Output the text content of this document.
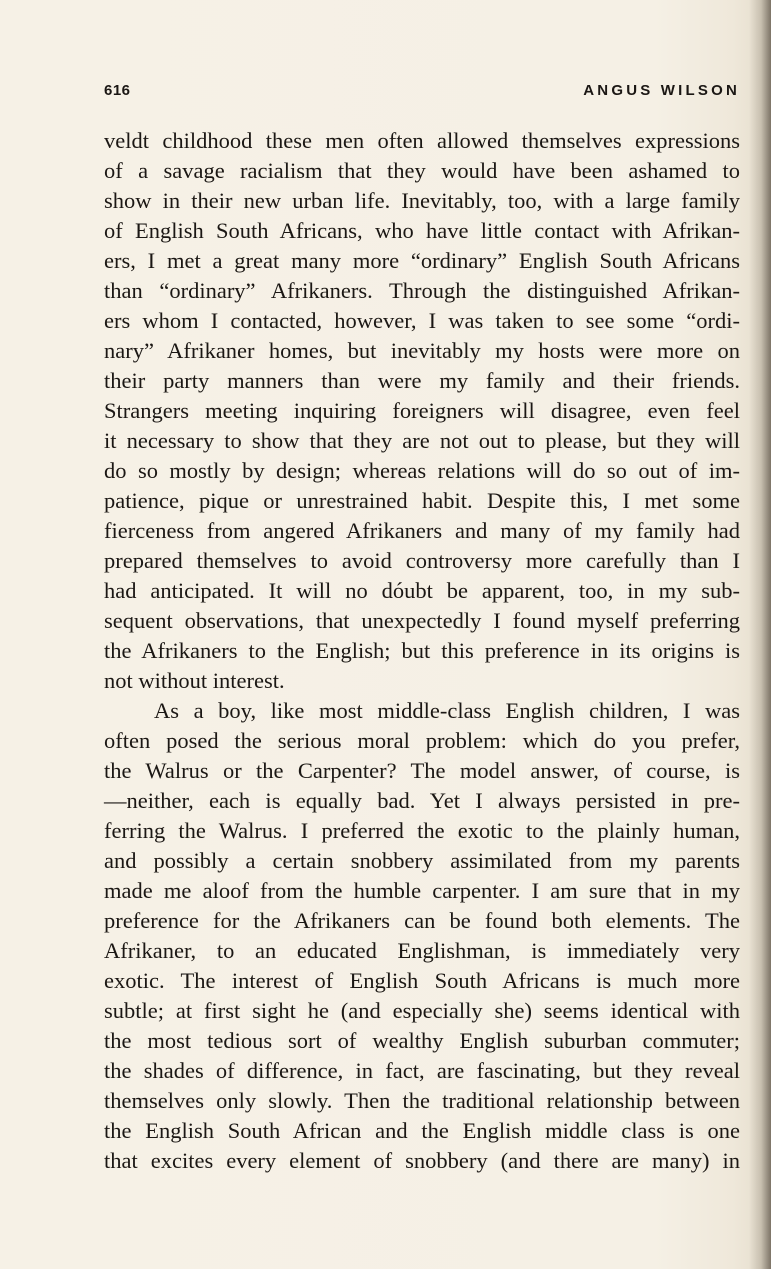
616	ANGUS WILSON
veldt childhood these men often allowed themselves expressions
of a savage racialism that they would have been ashamed to
show in their new urban life. Inevitably, too, with a large family
of English South Africans, who have little contact with Afrikan-
ers, I met a great many more “ordinary” English South Africans
than “ordinary” Afrikaners. Through the distinguished Afrikan-
ers whom I contacted, however, I was taken to see some “ordi-
nary” Afrikaner homes, but inevitably my hosts were more on
their party manners than were my family and their friends.
Strangers meeting inquiring foreigners will disagree, even feel
it necessary to show that they are not out to please, but they will
do so mostly by design; whereas relations will do so out of im-
patience, pique or unrestrained habit. Despite this, I met some
fierceness from angered Afrikaners and many of my family had
prepared themselves to avoid controversy more carefully than I
had anticipated. It will no dóubt be apparent, too, in my sub-
sequent observations, that unexpectedly I found myself preferring
the Afrikaners to the English; but this preference in its origins is
not without interest.
As a boy, like most middle-class English children, I was
often posed the serious moral problem: which do you prefer,
the Walrus or the Carpenter? The model answer, of course, is
—neither, each is equally bad. Yet I always persisted in pre-
ferring the Walrus. I preferred the exotic to the plainly human,
and possibly a certain snobbery assimilated from my parents
made me aloof from the humble carpenter. I am sure that in my
preference for the Afrikaners can be found both elements. The
Afrikaner, to an educated Englishman, is immediately very
exotic. The interest of English South Africans is much more
subtle; at first sight he (and especially she) seems identical with
the most tedious sort of wealthy English suburban commuter;
the shades of difference, in fact, are fascinating, but they reveal
themselves only slowly. Then the traditional relationship between
the English South African and the English middle class is one
that excites every element of snobbery (and there are many) in
